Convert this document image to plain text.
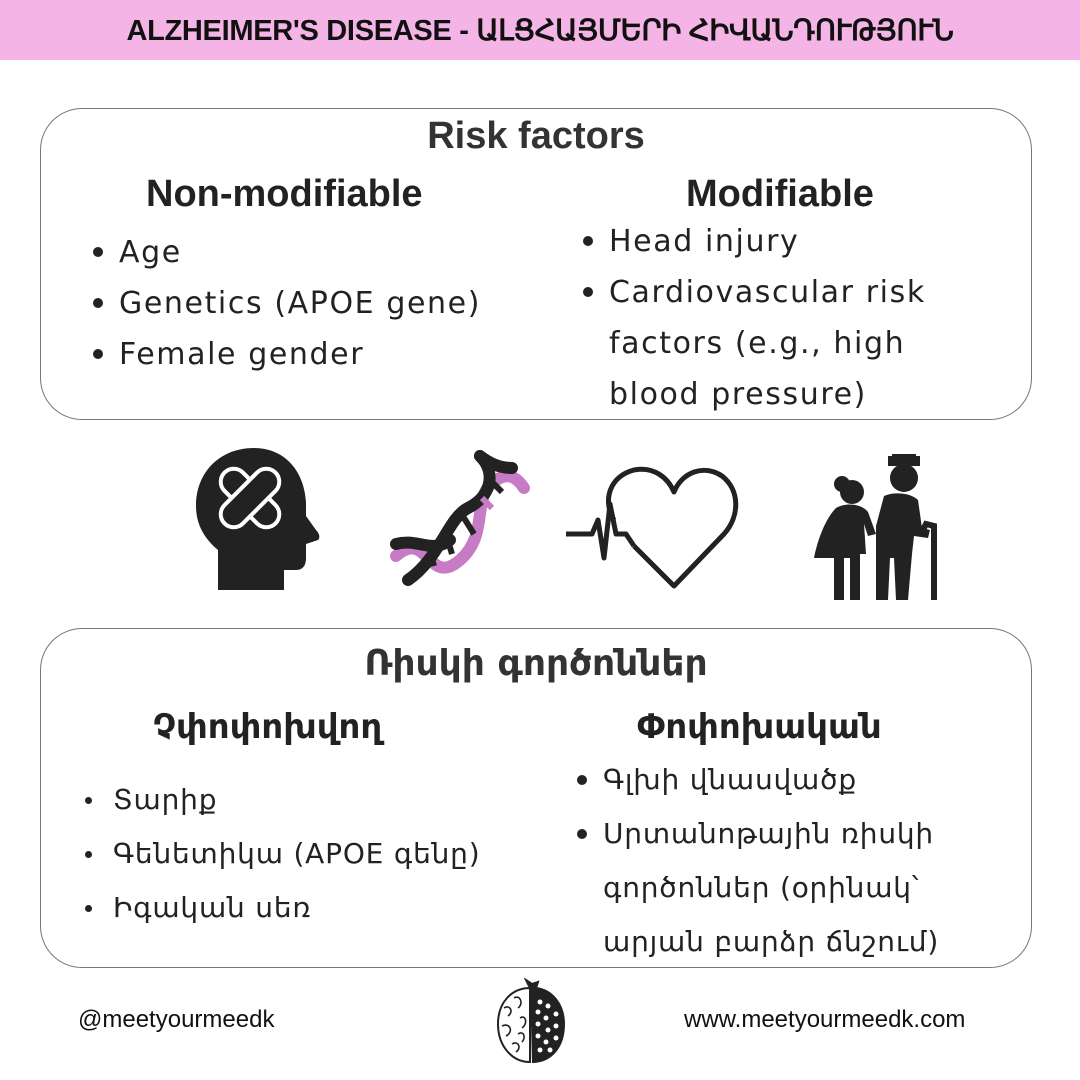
ALZHEIMER'S DISEASE - ԱԼՑՀԱՅՄԵՐԻ ՀԻՎԱՆԴՈՒԹՅՈՒՆ
Risk factors
Non-modifiable	Modifiable
Age
Genetics (APOE gene)
Female gender
Head injury
Cardiovascular risk factors (e.g., high blood pressure)
Ռիսկի գործոններ
Չփոփոխվող	Փոփոխական
Տարիք
Գենետիկա (APOE գենը)
Իգական սեռ
Գլխի վնասվածք
Սրտանոթային ռիսկի գործոններ (օրինակ՝ արյան բարձր ճնշում)
@meetyourmeedk	www.meetyourmeedk.com
